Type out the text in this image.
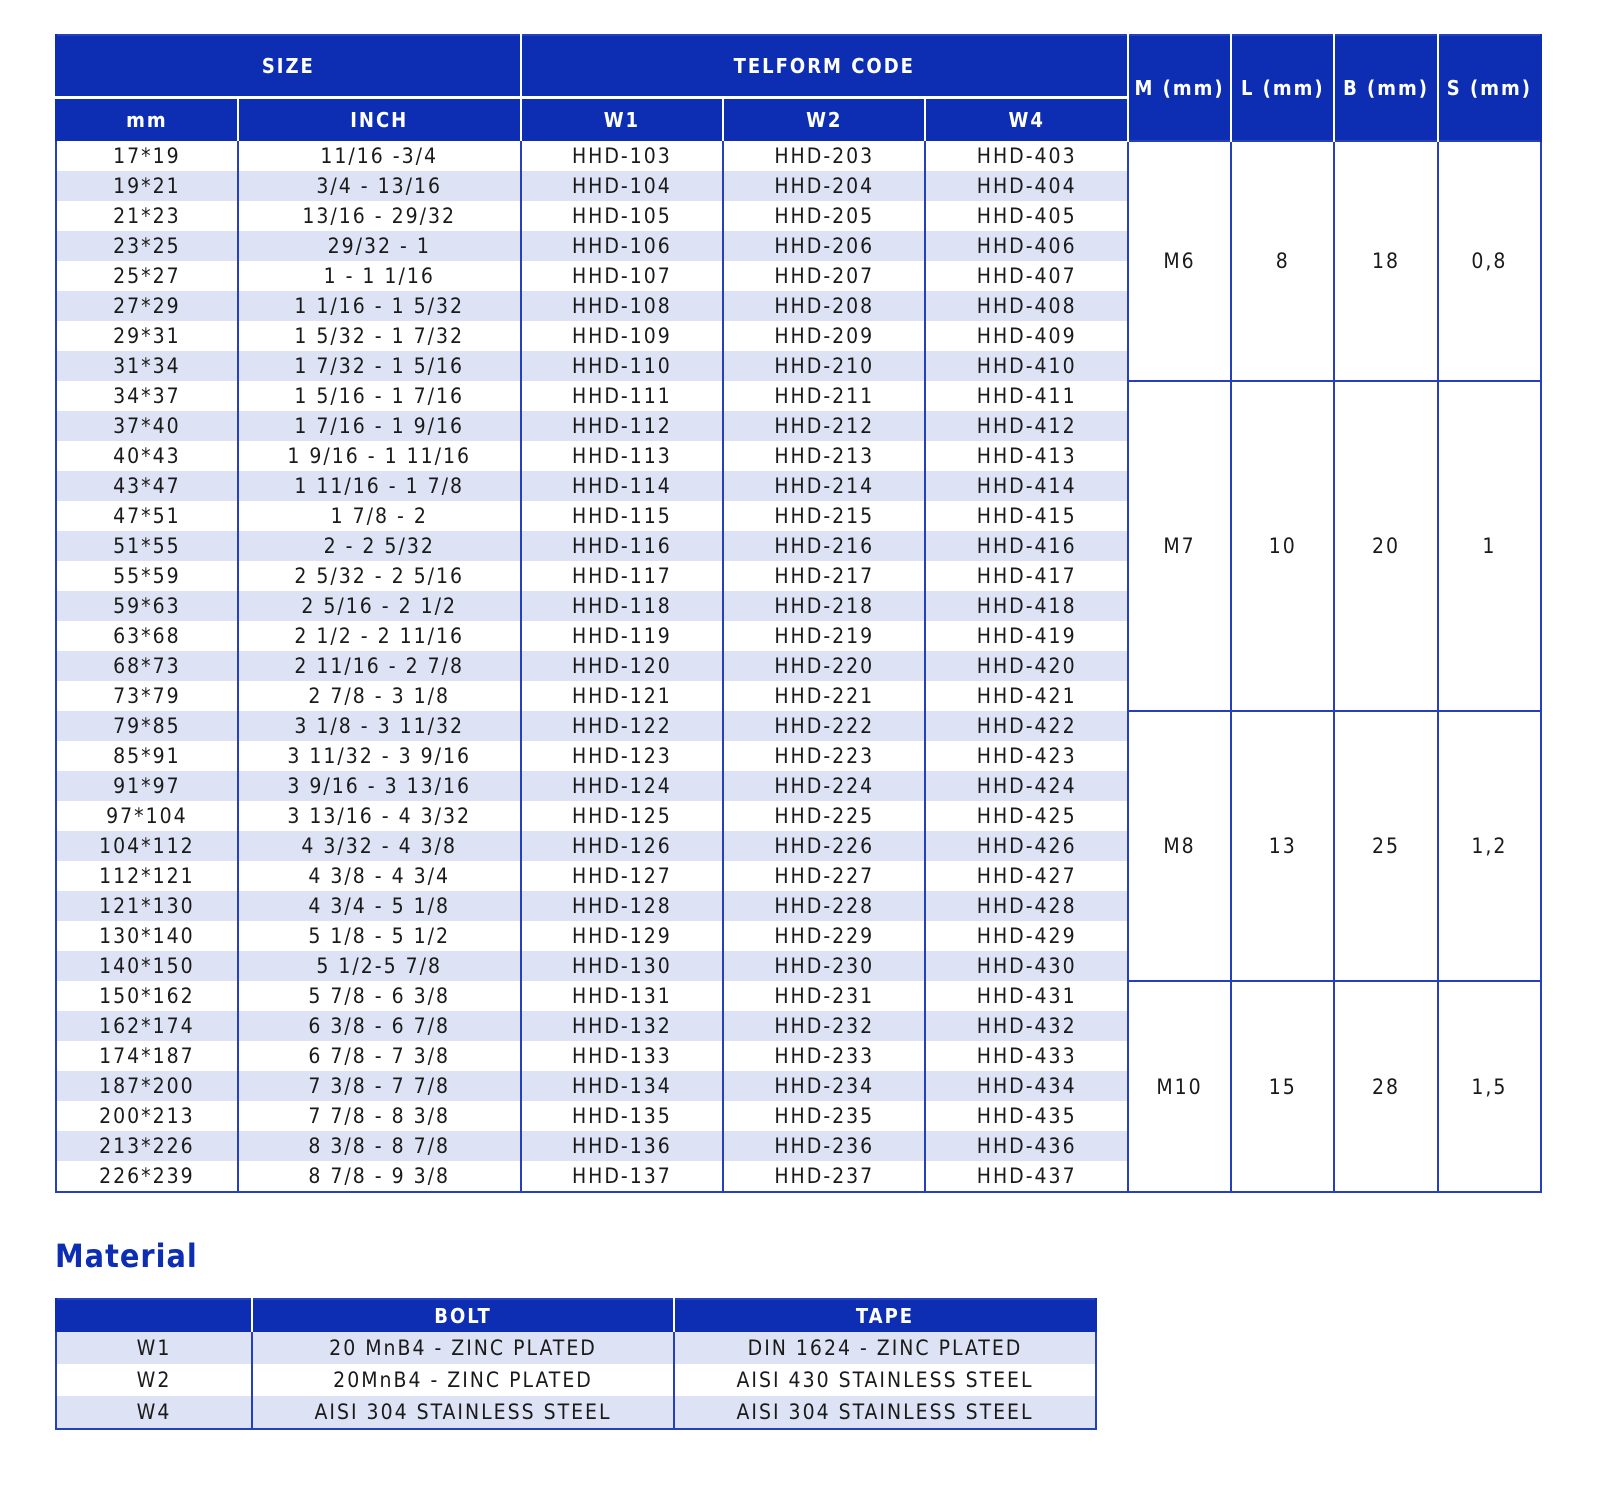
SIZE		TELFORM CODE			M (mm)	L (mm)	B (mm)	S (mm)
mm	INCH	W1	W2	W4				
17*19	11/16 -3/4	HHD-103	HHD-203	HHD-403	M6	8	18	0,8
19*21	3/4 - 13/16	HHD-104	HHD-204	HHD-404				
21*23	13/16 - 29/32	HHD-105	HHD-205	HHD-405				
23*25	29/32 - 1	HHD-106	HHD-206	HHD-406				
25*27	1 - 1 1/16	HHD-107	HHD-207	HHD-407				
27*29	1 1/16 - 1 5/32	HHD-108	HHD-208	HHD-408				
29*31	1 5/32 - 1 7/32	HHD-109	HHD-209	HHD-409				
31*34	1 7/32 - 1 5/16	HHD-110	HHD-210	HHD-410				
34*37	1 5/16 - 1 7/16	HHD-111	HHD-211	HHD-411	M7	10	20	1
37*40	1 7/16 - 1 9/16	HHD-112	HHD-212	HHD-412				
40*43	1 9/16 - 1 11/16	HHD-113	HHD-213	HHD-413				
43*47	1 11/16 - 1 7/8	HHD-114	HHD-214	HHD-414				
47*51	1 7/8 - 2	HHD-115	HHD-215	HHD-415				
51*55	2 - 2 5/32	HHD-116	HHD-216	HHD-416				
55*59	2 5/32 - 2 5/16	HHD-117	HHD-217	HHD-417				
59*63	2 5/16 - 2 1/2	HHD-118	HHD-218	HHD-418				
63*68	2 1/2 - 2 11/16	HHD-119	HHD-219	HHD-419				
68*73	2 11/16 - 2 7/8	HHD-120	HHD-220	HHD-420				
73*79	2 7/8 - 3 1/8	HHD-121	HHD-221	HHD-421				
79*85	3 1/8 - 3 11/32	HHD-122	HHD-222	HHD-422	M8	13	25	1,2
85*91	3 11/32 - 3 9/16	HHD-123	HHD-223	HHD-423				
91*97	3 9/16 - 3 13/16	HHD-124	HHD-224	HHD-424				
97*104	3 13/16 - 4 3/32	HHD-125	HHD-225	HHD-425				
104*112	4 3/32 - 4 3/8	HHD-126	HHD-226	HHD-426				
112*121	4 3/8 - 4 3/4	HHD-127	HHD-227	HHD-427				
121*130	4 3/4 - 5 1/8	HHD-128	HHD-228	HHD-428				
130*140	5 1/8 - 5 1/2	HHD-129	HHD-229	HHD-429				
140*150	5 1/2-5 7/8	HHD-130	HHD-230	HHD-430				
150*162	5 7/8 - 6 3/8	HHD-131	HHD-231	HHD-431	M10	15	28	1,5
162*174	6 3/8 - 6 7/8	HHD-132	HHD-232	HHD-432				
174*187	6 7/8 - 7 3/8	HHD-133	HHD-233	HHD-433				
187*200	7 3/8 - 7 7/8	HHD-134	HHD-234	HHD-434				
200*213	7 7/8 - 8 3/8	HHD-135	HHD-235	HHD-435				
213*226	8 3/8 - 8 7/8	HHD-136	HHD-236	HHD-436				
226*239	8 7/8 - 9 3/8	HHD-137	HHD-237	HHD-437				
Material
	BOLT	TAPE
W1	20 MnB4 - ZINC PLATED	DIN 1624 - ZINC PLATED
W2	20MnB4 - ZINC PLATED	AISI 430 STAINLESS STEEL
W4	AISI 304 STAINLESS STEEL	AISI 304 STAINLESS STEEL
